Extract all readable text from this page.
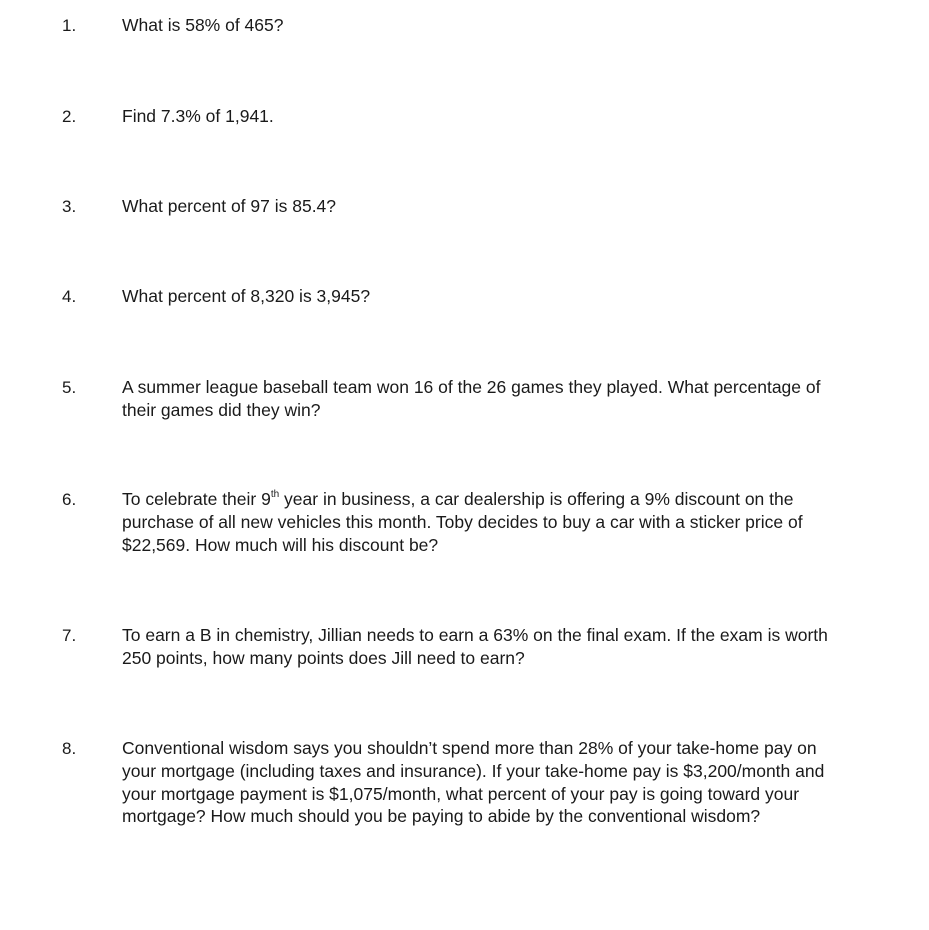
1.	What is 58% of 465?
2.	Find 7.3% of 1,941.
3.	What percent of 97 is 85.4?
4.	What percent of 8,320 is 3,945?
5.	A summer league baseball team won 16 of the 26 games they played. What percentage of their games did they win?
6.	To celebrate their 9th year in business, a car dealership is offering a 9% discount on the purchase of all new vehicles this month. Toby decides to buy a car with a sticker price of $22,569. How much will his discount be?
7.	To earn a B in chemistry, Jillian needs to earn a 63% on the final exam. If the exam is worth 250 points, how many points does Jill need to earn?
8.	Conventional wisdom says you shouldn’t spend more than 28% of your take-home pay on your mortgage (including taxes and insurance). If your take-home pay is $3,200/month and your mortgage payment is $1,075/month, what percent of your pay is going toward your mortgage? How much should you be paying to abide by the conventional wisdom?
